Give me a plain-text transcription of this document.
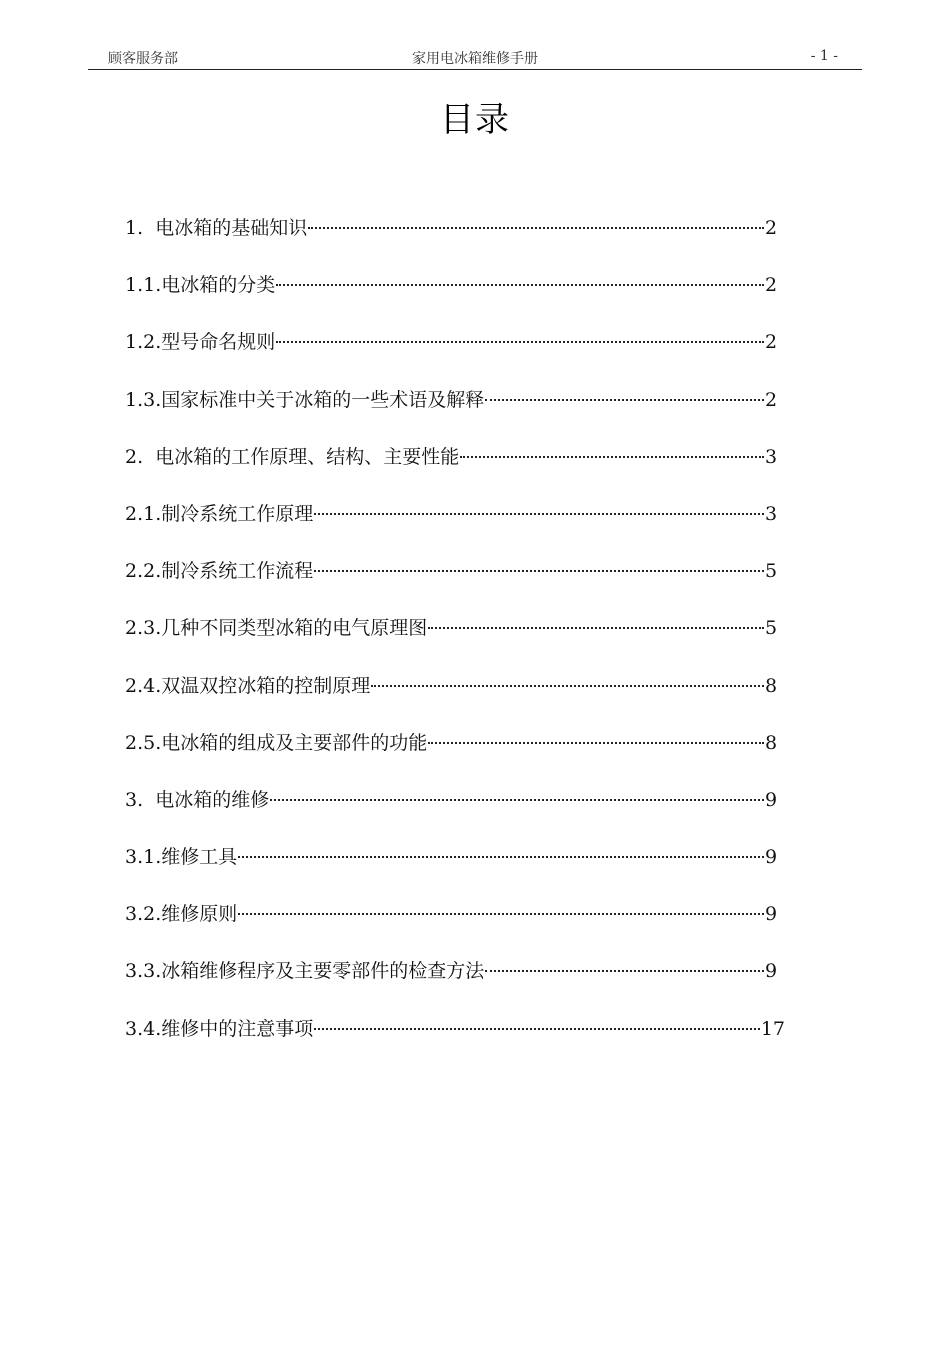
顾客服务部	家用电冰箱维修手册	- 1 -
目录
1. 电冰箱的基础知识	2
1.1. 电冰箱的分类	2
1.2. 型号命名规则	2
1.3. 国家标准中关于冰箱的一些术语及解释	2
2. 电冰箱的工作原理、结构、主要性能	3
2.1. 制冷系统工作原理	3
2.2. 制冷系统工作流程	5
2.3. 几种不同类型冰箱的电气原理图	5
2.4. 双温双控冰箱的控制原理	8
2.5. 电冰箱的组成及主要部件的功能	8
3. 电冰箱的维修	9
3.1. 维修工具	9
3.2. 维修原则	9
3.3. 冰箱维修程序及主要零部件的检查方法	9
3.4. 维修中的注意事项	17
